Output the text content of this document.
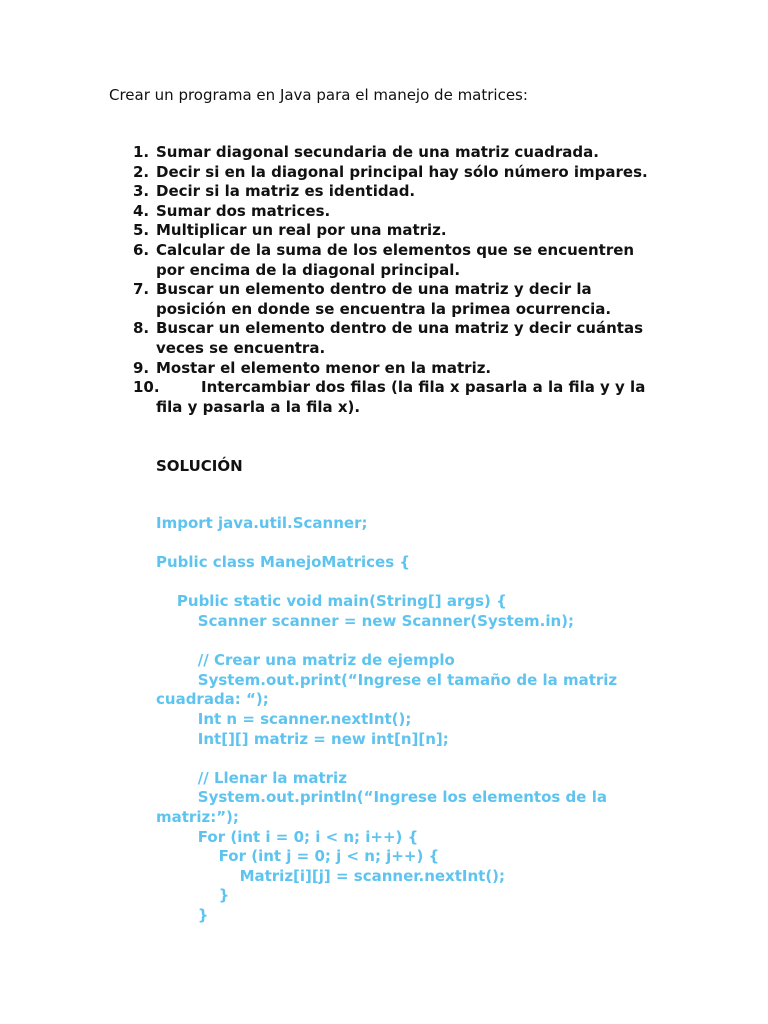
Crear un programa en Java para el manejo de matrices:
1. Sumar diagonal secundaria de una matriz cuadrada.
2. Decir si en la diagonal principal hay sólo número impares.
3. Decir si la matriz es identidad.
4. Sumar dos matrices.
5. Multiplicar un real por una matriz.
6. Calcular de la suma de los elementos que se encuentren por encima de la diagonal principal.
7. Buscar un elemento dentro de una matriz y decir la posición en donde se encuentra la primea ocurrencia.
8. Buscar un elemento dentro de una matriz y decir cuántas veces se encuentra.
9. Mostar el elemento menor en la matriz.
10.	Intercambiar dos filas (la fila x pasarla a la fila y y la fila y pasarla a la fila x).
SOLUCIÓN
Import java.util.Scanner;
Public class ManejoMatrices {
Public static void main(String[] args) {
Scanner scanner = new Scanner(System.in);
// Crear una matriz de ejemplo
System.out.print(“Ingrese el tamaño de la matriz
cuadrada: “);
Int n = scanner.nextInt();
Int[][] matriz = new int[n][n];
// Llenar la matriz
System.out.println(“Ingrese los elementos de la
matriz:”);
For (int i = 0; i < n; i++) {
For (int j = 0; j < n; j++) {
Matriz[i][j] = scanner.nextInt();
}
}
